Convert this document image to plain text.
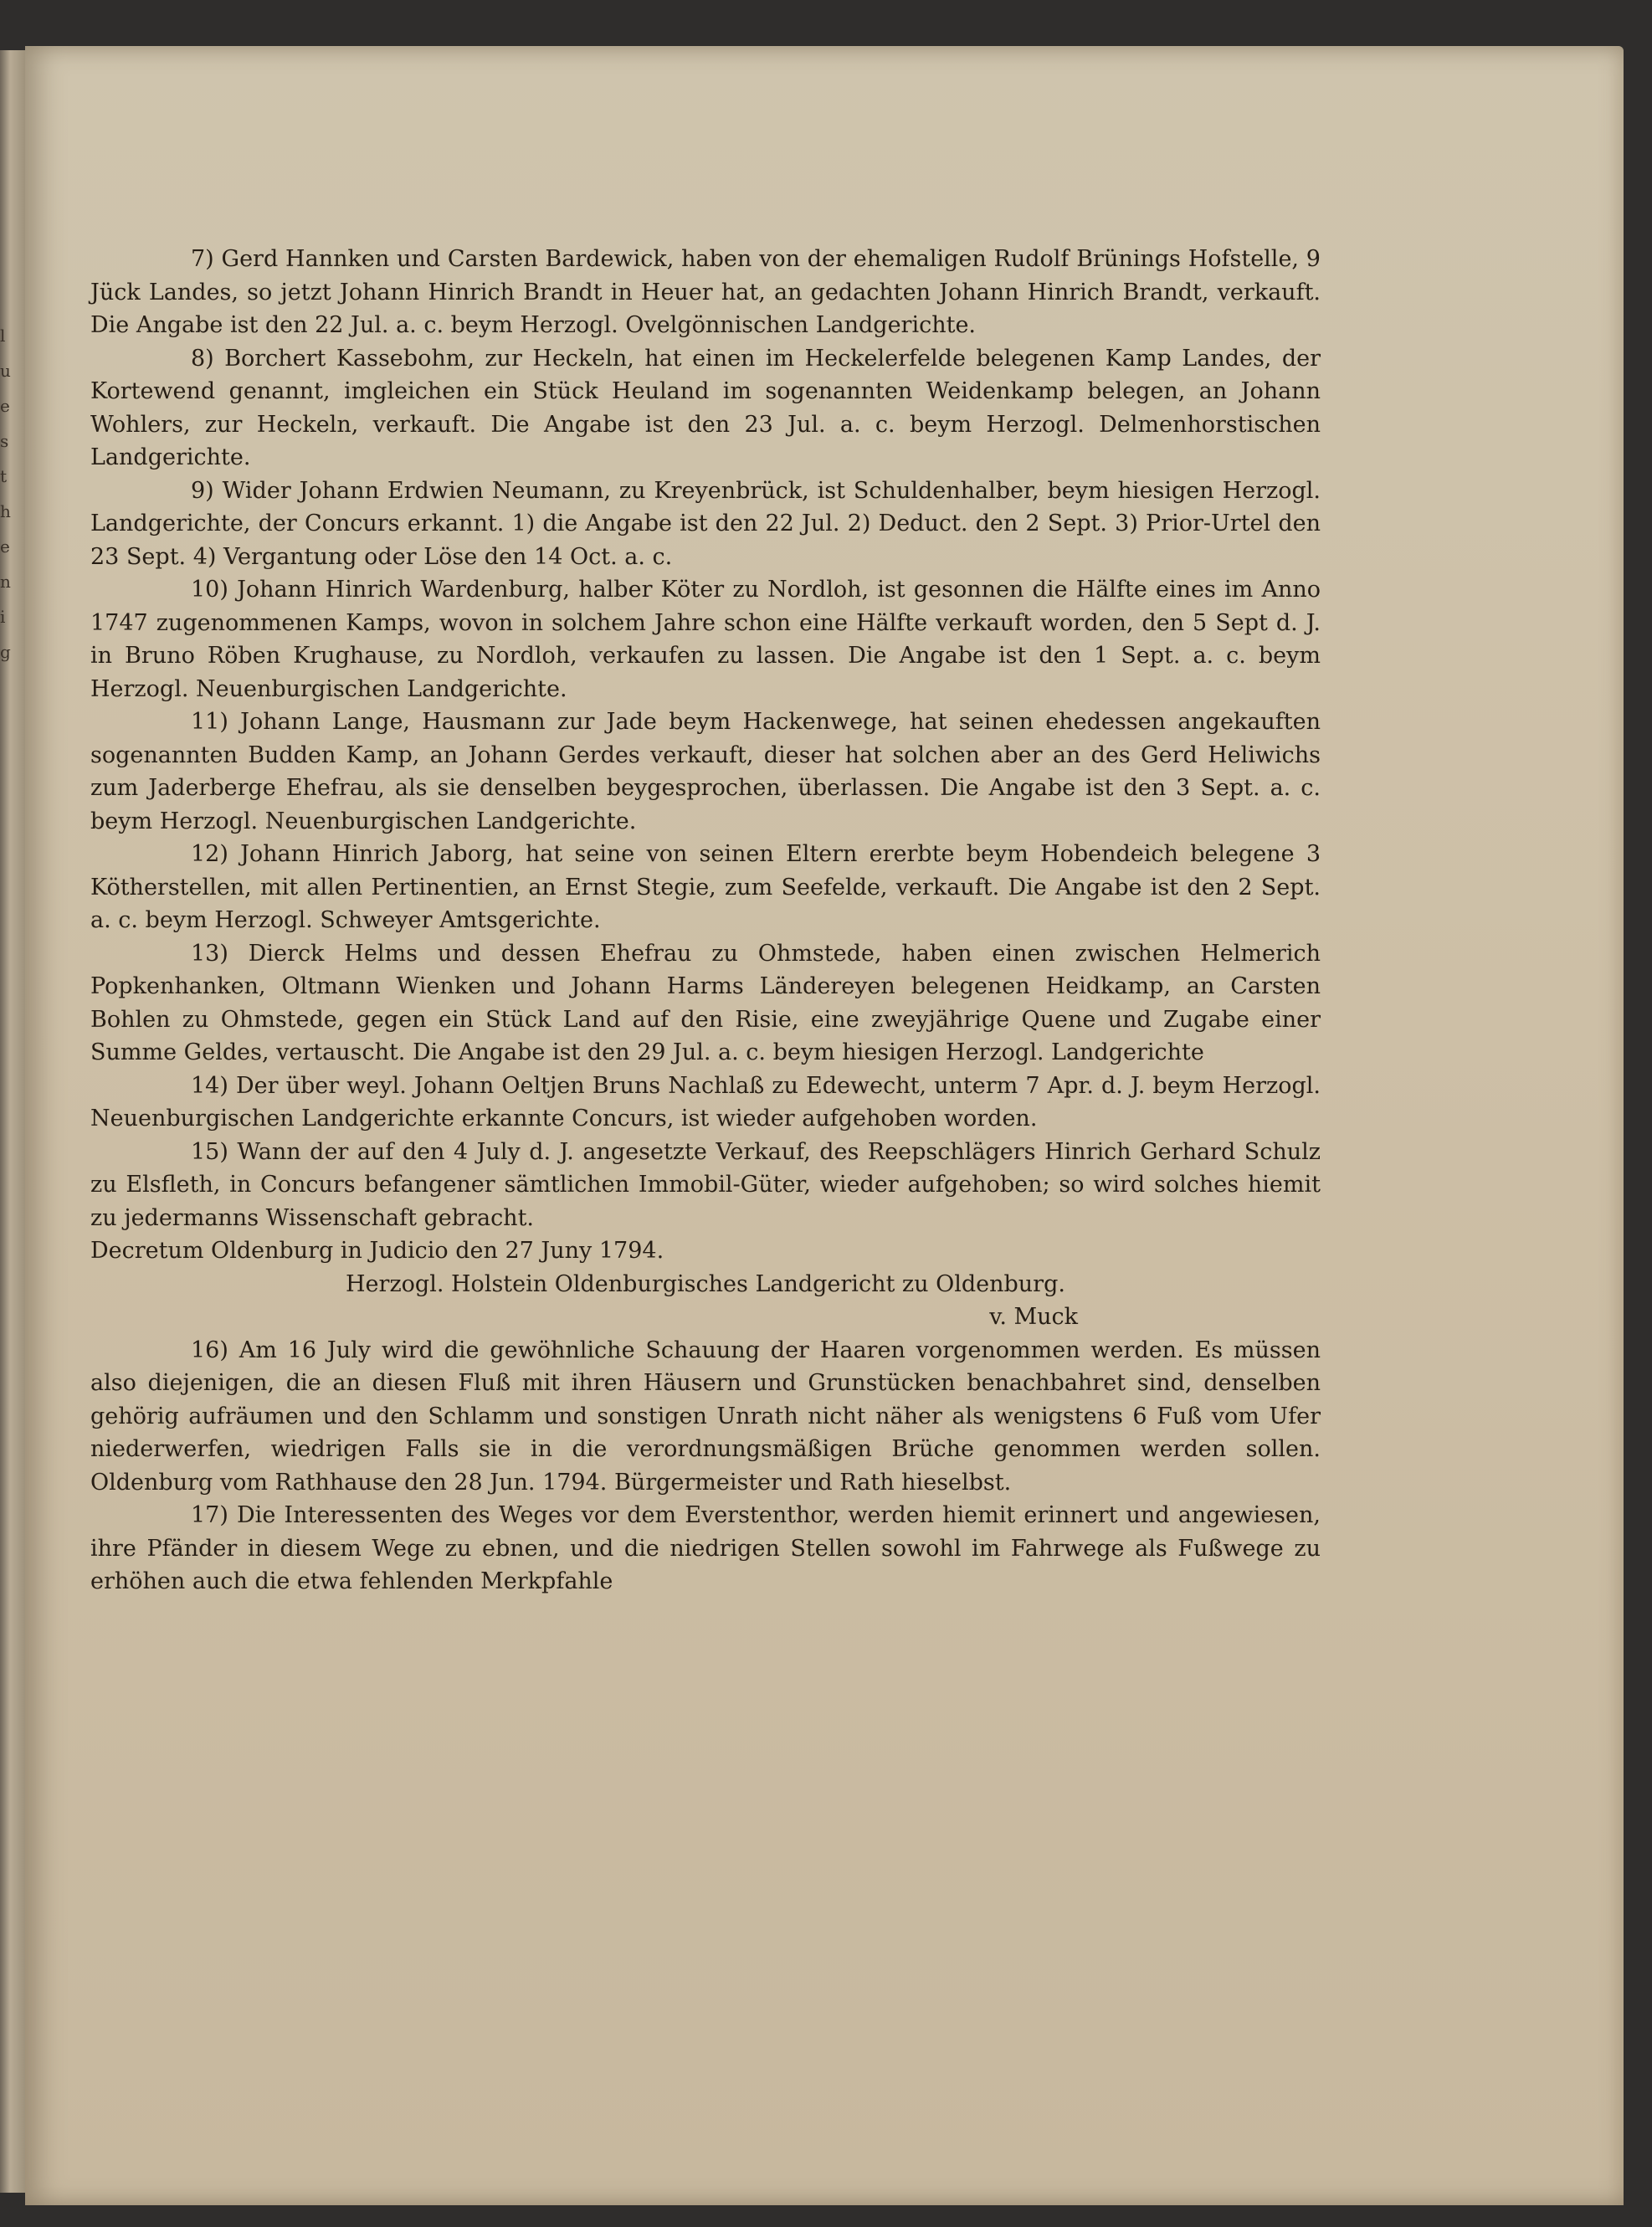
l
u
e
s
t
h
e
n
i
g

7) Gerd Hannken und Carsten Bardewick, haben von der ehemaligen Rudolf Brünings Hofstelle, 9 Jück Landes, so jetzt Johann Hinrich Brandt in Heuer hat, an gedachten Johann Hinrich Brandt, verkauft. Die Angabe ist den 22 Jul. a. c. beym Herzogl. Ovelgönnischen Landgerichte.

8) Borchert Kassebohm, zur Heckeln, hat einen im Heckelerfelde belegenen Kamp Landes, der Kortewend genannt, imgleichen ein Stück Heuland im sogenannten Weidenkamp belegen, an Johann Wohlers, zur Heckeln, verkauft. Die Angabe ist den 23 Jul. a. c. beym Herzogl. Delmenhorstischen Landgerichte.

9) Wider Johann Erdwien Neumann, zu Kreyenbrück, ist Schuldenhalber, beym hiesigen Herzogl. Landgerichte, der Concurs erkannt. 1) die Angabe ist den 22 Jul. 2) Deduct. den 2 Sept. 3) Prior-Urtel den 23 Sept. 4) Vergantung oder Löse den 14 Oct. a. c.

10) Johann Hinrich Wardenburg, halber Köter zu Nordloh, ist gesonnen die Hälfte eines im Anno 1747 zugenommenen Kamps, wovon in solchem Jahre schon eine Hälfte verkauft worden, den 5 Sept d. J. in Bruno Röben Krughause, zu Nordloh, verkaufen zu lassen. Die Angabe ist den 1 Sept. a. c. beym Herzogl. Neuenburgischen Landgerichte.

11) Johann Lange, Hausmann zur Jade beym Hackenwege, hat seinen ehedessen angekauften sogenannten Budden Kamp, an Johann Gerdes verkauft, dieser hat solchen aber an des Gerd Heliwichs zum Jaderberge Ehefrau, als sie denselben beygesprochen, überlassen. Die Angabe ist den 3 Sept. a. c. beym Herzogl. Neuenburgischen Landgerichte.

12) Johann Hinrich Jaborg, hat seine von seinen Eltern ererbte beym Hobendeich belegene 3 Kötherstellen, mit allen Pertinentien, an Ernst Stegie, zum Seefelde, verkauft. Die Angabe ist den 2 Sept. a. c. beym Herzogl. Schweyer Amtsgerichte.

13) Dierck Helms und dessen Ehefrau zu Ohmstede, haben einen zwischen Helmerich Popkenhanken, Oltmann Wienken und Johann Harms Ländereyen belegenen Heidkamp, an Carsten Bohlen zu Ohmstede, gegen ein Stück Land auf den Risie, eine zweyjährige Quene und Zugabe einer Summe Geldes, vertauscht. Die Angabe ist den 29 Jul. a. c. beym hiesigen Herzogl. Landgerichte

14) Der über weyl. Johann Oeltjen Bruns Nachlaß zu Edewecht, unterm 7 Apr. d. J. beym Herzogl. Neuenburgischen Landgerichte erkannte Concurs, ist wieder aufgehoben worden.

15) Wann der auf den 4 July d. J. angesetzte Verkauf, des Reepschlägers Hinrich Gerhard Schulz zu Elsfleth, in Concurs befangener sämtlichen Immobil-Güter, wieder aufgehoben; so wird solches hiemit zu jedermanns Wissenschaft gebracht.

Decretum Oldenburg in Judicio den 27 Juny 1794.

Herzogl. Holstein Oldenburgisches Landgericht zu Oldenburg.

v. Muck

16) Am 16 July wird die gewöhnliche Schauung der Haaren vorgenommen werden. Es müssen also diejenigen, die an diesen Fluß mit ihren Häusern und Grunstücken benachbahret sind, denselben gehörig aufräumen und den Schlamm und sonstigen Unrath nicht näher als wenigstens 6 Fuß vom Ufer niederwerfen, wiedrigen Falls sie in die verordnungsmäßigen Brüche genommen werden sollen. Oldenburg vom Rathhause den 28 Jun. 1794. Bürgermeister und Rath hieselbst.

17) Die Interessenten des Weges vor dem Everstenthor, werden hiemit erinnert und angewiesen, ihre Pfänder in diesem Wege zu ebnen, und die niedrigen Stellen sowohl im Fahrwege als Fußwege zu erhöhen auch die etwa fehlenden Merkpfahle
